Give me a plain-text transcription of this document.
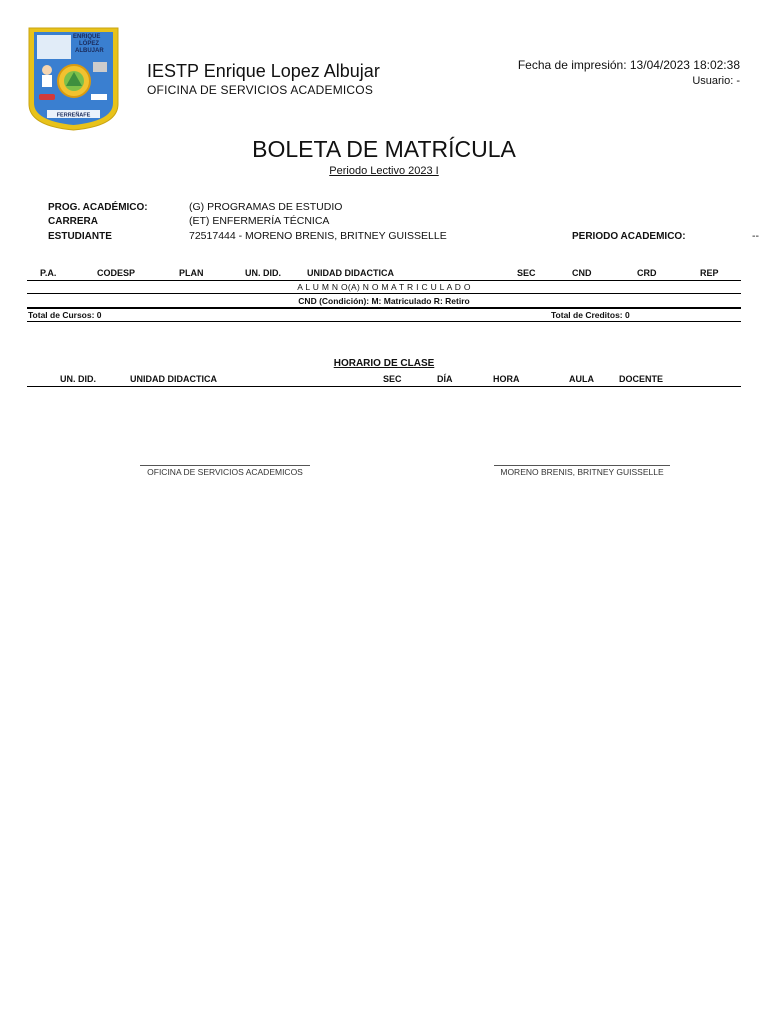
ENRIQUE
LÓPEZ
ALBUJAR
FERREÑAFE
IESTP Enrique Lopez Albujar
OFICINA DE SERVICIOS ACADEMICOS
Fecha de impresión: 13/04/2023 18:02:38
Usuario: -
BOLETA DE MATRÍCULA
Periodo Lectivo 2023 I
PROG. ACADÉMICO:	(G) PROGRAMAS DE ESTUDIO
CARRERA	(ET) ENFERMERÍA TÉCNICA
ESTUDIANTE	72517444 - MORENO BRENIS, BRITNEY GUISSELLE	PERIODO ACADEMICO:	--
P.A.	CODESP	PLAN	UN. DID.	UNIDAD DIDACTICA	SEC	CND	CRD	REP
A L U M N O(A) N O M A T R I C U L A D O
CND (Condición): M: Matriculado R: Retiro
Total de Cursos: 0	Total de Creditos: 0
HORARIO DE CLASE
UN. DID.	UNIDAD DIDACTICA	SEC	DÍA	HORA	AULA	DOCENTE
OFICINA DE SERVICIOS ACADEMICOS	MORENO BRENIS, BRITNEY GUISSELLE
